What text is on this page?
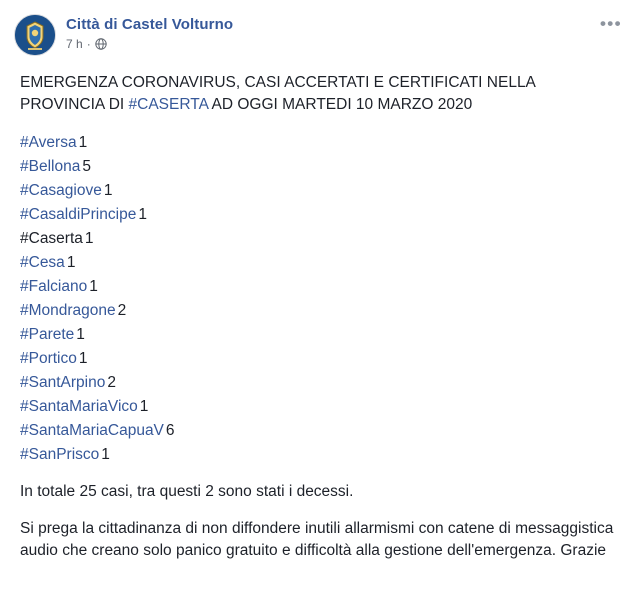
Città di Castel Volturno
7 h ·
•••

EMERGENZA CORONAVIRUS, CASI ACCERTATI E CERTIFICATI NELLA PROVINCIA DI #CASERTA AD OGGI MARTEDI 10 MARZO 2020

#Aversa 1
#Bellona 5
#Casagiove 1
#CasaldiPrincipe 1
#Caserta 1
#Cesa 1
#Falciano 1
#Mondragone 2
#Parete 1
#Portico 1
#SantArpino 2
#SantaMariaVico 1
#SantaMariaCapuaV 6
#SanPrisco 1

In totale 25 casi, tra questi 2 sono stati i decessi.

Si prega la cittadinanza di non diffondere inutili allarmismi con catene di messaggistica audio che creano solo panico gratuito e difficoltà alla gestione dell'emergenza. Grazie
